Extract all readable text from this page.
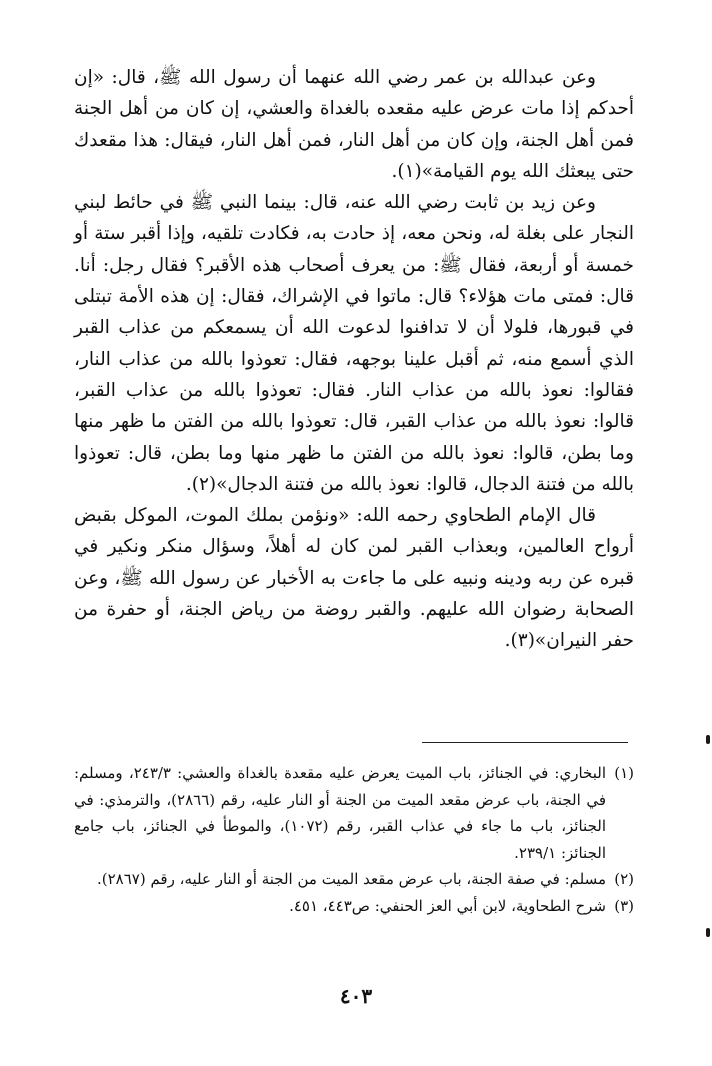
وعن عبدالله بن عمر رضي الله عنهما أن رسول الله ﷺ، قال: «إن أحدكم إذا مات عرض عليه مقعده بالغداة والعشي، إن كان من أهل الجنة فمن أهل الجنة، وإن كان من أهل النار، فمن أهل النار، فيقال: هذا مقعدك حتى يبعثك الله يوم القيامة»(١).

وعن زيد بن ثابت رضي الله عنه، قال: بينما النبي ﷺ في حائط لبني النجار على بغلة له، ونحن معه، إذ حادت به، فكادت تلقيه، وإذا أقبر ستة أو خمسة أو أربعة، فقال ﷺ: من يعرف أصحاب هذه الأقبر؟ فقال رجل: أنا. قال: فمتى مات هؤلاء؟ قال: ماتوا في الإشراك، فقال: إن هذه الأمة تبتلى في قبورها، فلولا أن لا تدافنوا لدعوت الله أن يسمعكم من عذاب القبر الذي أسمع منه، ثم أقبل علينا بوجهه، فقال: تعوذوا بالله من عذاب النار، فقالوا: نعوذ بالله من عذاب النار. فقال: تعوذوا بالله من عذاب القبر، قالوا: نعوذ بالله من عذاب القبر، قال: تعوذوا بالله من الفتن ما ظهر منها وما بطن، قالوا: نعوذ بالله من الفتن ما ظهر منها وما بطن، قال: تعوذوا بالله من فتنة الدجال، قالوا: نعوذ بالله من فتنة الدجال»(٢).

قال الإمام الطحاوي رحمه الله: «ونؤمن بملك الموت، الموكل بقبض أرواح العالمين، وبعذاب القبر لمن كان له أهلاً، وسؤال منكر ونكير في قبره عن ربه ودينه ونبيه على ما جاءت به الأخبار عن رسول الله ﷺ، وعن الصحابة رضوان الله عليهم. والقبر روضة من رياض الجنة، أو حفرة من حفر النيران»(٣).

(١)
البخاري: في الجنائز، باب الميت يعرض عليه مقعدة بالغداة والعشي: ٢٤٣/٣، ومسلم: في الجنة، باب عرض مقعد الميت من الجنة أو النار عليه، رقم (٢٨٦٦)، والترمذي: في الجنائز، باب ما جاء في عذاب القبر، رقم (١٠٧٢)، والموطأ في الجنائز، باب جامع الجنائز: ٢٣٩/١.
(٢)
مسلم: في صفة الجنة، باب عرض مقعد الميت من الجنة أو النار عليه، رقم (٢٨٦٧).
(٣)
شرح الطحاوية، لابن أبي العز الحنفي: ص٤٤٣، ٤٥١.
٤٠٣
